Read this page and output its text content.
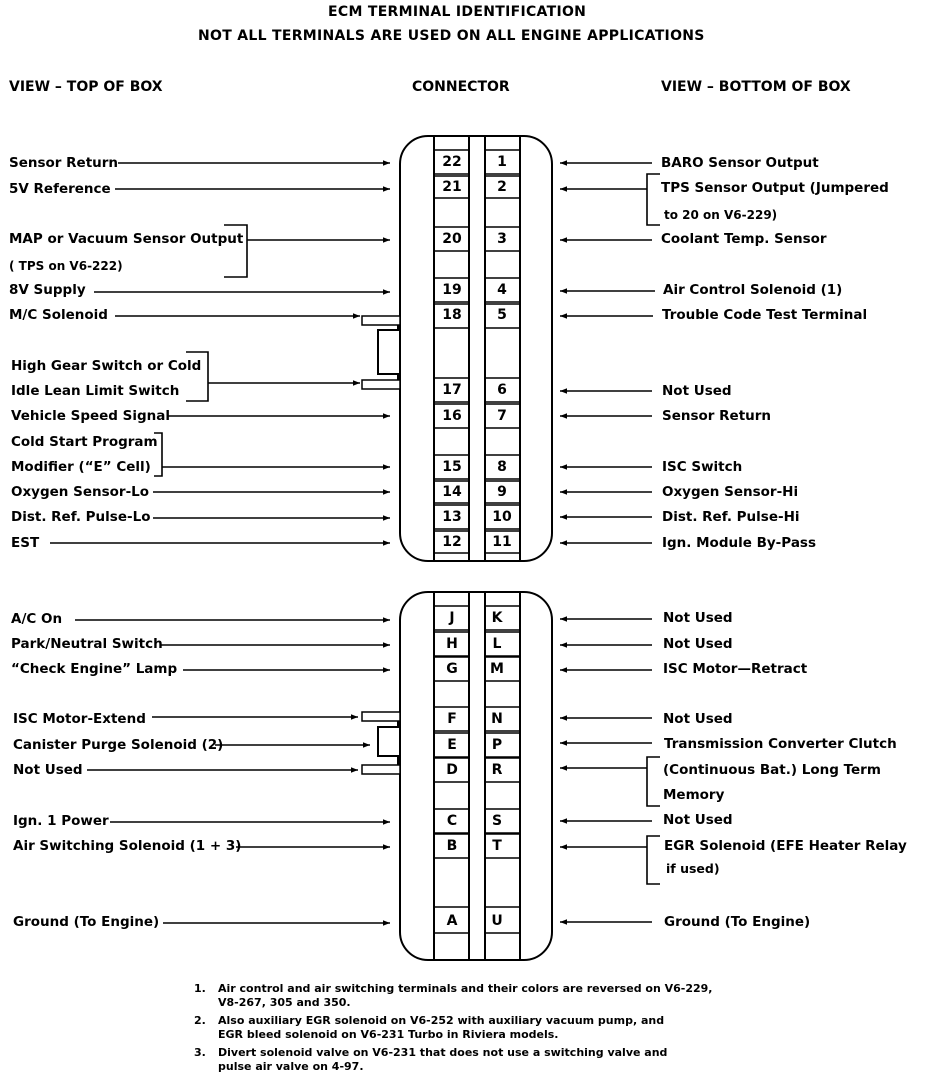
ECM TERMINAL IDENTIFICATION
NOT ALL TERMINALS ARE USED ON ALL ENGINE APPLICATIONS
VIEW – TOP OF BOX	CONNECTOR	VIEW – BOTTOM OF BOX
Sensor Return
5V Reference
MAP or Vacuum Sensor Output
( TPS on V6-222)
8V Supply
M/C Solenoid
High Gear Switch or Cold
Idle Lean Limit Switch
Vehicle Speed Signal
Cold Start Program
Modifier (“E” Cell)
Oxygen Sensor-Lo
Dist. Ref. Pulse-Lo
EST
22
21
20
19
18
17
16
15
14
13
12
1
2
3
4
5
6
7
8
9
10
11
BARO Sensor Output
TPS Sensor Output (Jumpered
to 20 on V6-229)
Coolant Temp. Sensor
Air Control Solenoid (1)
Trouble Code Test Terminal
Not Used
Sensor Return
ISC Switch
Oxygen Sensor-Hi
Dist. Ref. Pulse-Hi
Ign. Module By-Pass
A/C On
Park/Neutral Switch
“Check Engine” Lamp
ISC Motor-Extend
Canister Purge Solenoid (2)
Not Used
Ign. 1 Power
Air Switching Solenoid (1 + 3)
Ground (To Engine)
J
H
G
F
E
D
C
B
A
K
L
M
N
P
R
S
T
U
Not Used
Not Used
ISC Motor—Retract
Not Used
Transmission Converter Clutch
(Continuous Bat.) Long Term
Memory
Not Used
EGR Solenoid (EFE Heater Relay
if used)
Ground (To Engine)
1. Air control and air switching terminals and their colors are reversed on V6-229,
V8-267, 305 and 350.
2. Also auxiliary EGR solenoid on V6-252 with auxiliary vacuum pump, and
EGR bleed solenoid on V6-231 Turbo in Riviera models.
3. Divert solenoid valve on V6-231 that does not use a switching valve and
pulse air valve on 4-97.
